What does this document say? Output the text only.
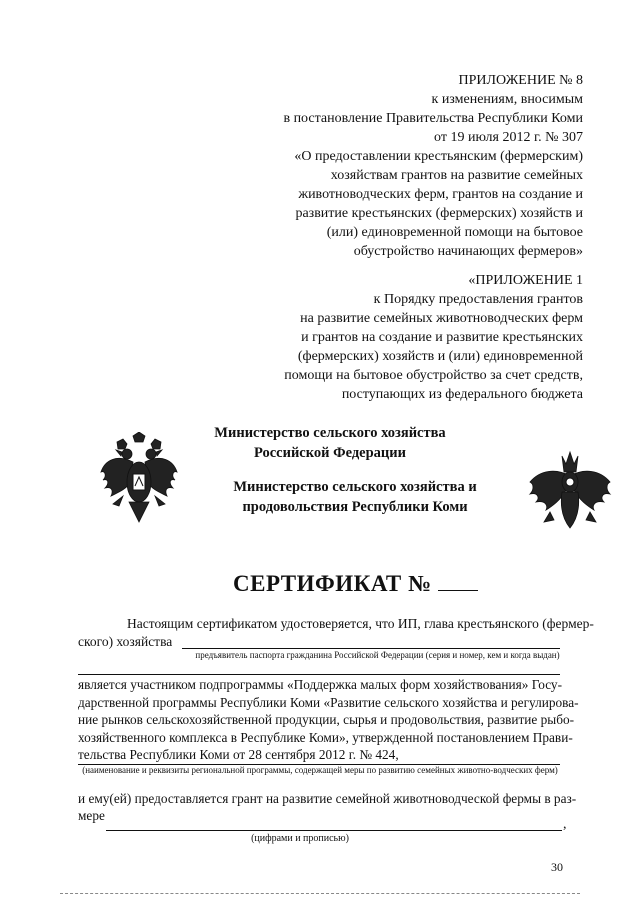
ПРИЛОЖЕНИЕ № 8
к изменениям, вносимым
в постановление Правительства Республики Коми
от 19 июля 2012 г. № 307
«О предоставлении крестьянским (фермерским)
хозяйствам грантов на развитие семейных
животноводческих ферм, грантов на создание и
развитие крестьянских (фермерских) хозяйств и
(или) единовременной помощи на бытовое
обустройство начинающих фермеров»
«ПРИЛОЖЕНИЕ 1
к Порядку предоставления грантов
на развитие семейных животноводческих ферм
и грантов на создание и развитие крестьянских
(фермерских) хозяйств и (или) единовременной
помощи на бытовое обустройство за счет средств,
поступающих из федерального бюджета
Министерство сельского хозяйства
Российской Федерации
Министерство сельского хозяйства и
продовольствия Республики Коми
СЕРТИФИКАТ №
Настоящим сертификатом удостоверяется, что ИП, глава крестьянского (фермер-
ского) хозяйства
предъявитель паспорта гражданина Российской Федерации (серия и номер, кем и когда выдан)
является участником подпрограммы «Поддержка малых форм хозяйствования» Госу-
дарственной программы Республики Коми «Развитие сельского хозяйства и регулирова-
ние рынков сельскохозяйственной продукции, сырья и продовольствия, развитие рыбо-
хозяйственного комплекса в Республике Коми», утвержденной постановлением Прави-
тельства Республики Коми от 28 сентября 2012 г. № 424,
(наименование и реквизиты региональной программы, содержащей меры по развитию семейных животно-водческих ферм)
и ему(ей) предоставляется грант на развитие семейной животноводческой фермы в раз-
мере
,
(цифрами и прописью)
30
